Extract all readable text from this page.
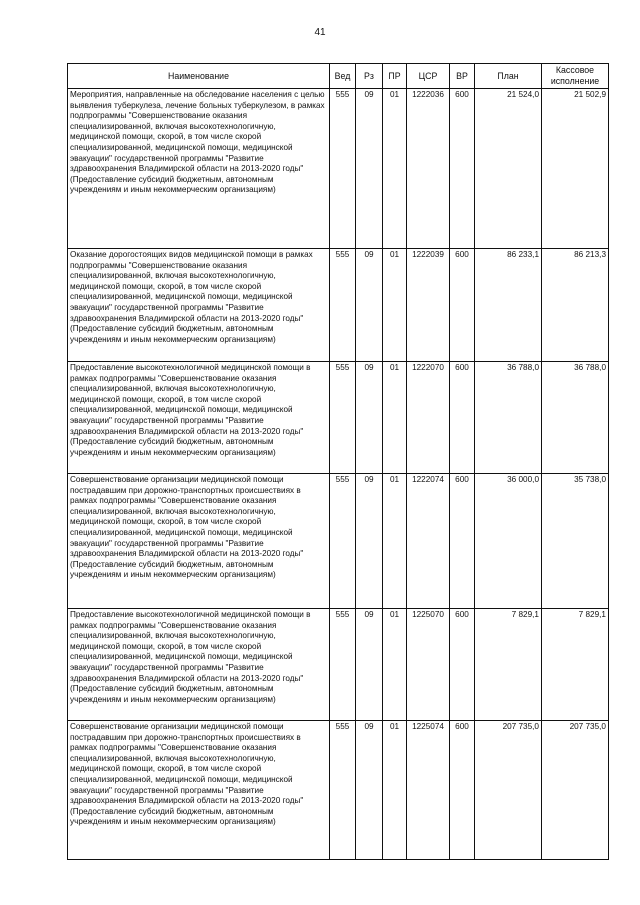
41
Наименование	Вед	Рз	ПР	ЦСР	ВР	План	Кассовое исполнение
Мероприятия, направленные на обследование населения с целью выявления туберкулеза, лечение больных туберкулезом, в рамках подпрограммы "Совершенствование оказания специализированной, включая высокотехнологичную, медицинской помощи, скорой, в том числе скорой специализированной, медицинской помощи, медицинской эвакуации" государственной программы "Развитие здравоохранения Владимирской области на 2013-2020 годы" (Предоставление субсидий бюджетным, автономным учреждениям и иным некоммерческим организациям)	555	09	01	1222036	600	21 524,0	21 502,9
Оказание дорогостоящих видов медицинской помощи в рамках подпрограммы "Совершенствование оказания специализированной, включая высокотехнологичную, медицинской помощи, скорой, в том числе скорой специализированной, медицинской помощи, медицинской эвакуации" государственной программы "Развитие здравоохранения Владимирской области на 2013-2020 годы" (Предоставление субсидий бюджетным, автономным учреждениям и иным некоммерческим организациям)	555	09	01	1222039	600	86 233,1	86 213,3
Предоставление высокотехнологичной медицинской помощи в рамках подпрограммы "Совершенствование оказания специализированной, включая высокотехнологичную, медицинской помощи, скорой, в том числе скорой специализированной, медицинской помощи, медицинской эвакуации" государственной программы "Развитие здравоохранения Владимирской области на 2013-2020 годы" (Предоставление субсидий бюджетным, автономным учреждениям и иным некоммерческим организациям)	555	09	01	1222070	600	36 788,0	36 788,0
Совершенствование организации медицинской помощи пострадавшим при дорожно-транспортных происшествиях в рамках подпрограммы "Совершенствование оказания специализированной, включая высокотехнологичную, медицинской помощи, скорой, в том числе скорой специализированной, медицинской помощи, медицинской эвакуации" государственной программы "Развитие здравоохранения Владимирской области на 2013-2020 годы" (Предоставление субсидий бюджетным, автономным учреждениям и иным некоммерческим организациям)	555	09	01	1222074	600	36 000,0	35 738,0
Предоставление высокотехнологичной медицинской помощи в рамках подпрограммы "Совершенствование оказания специализированной, включая высокотехнологичную, медицинской помощи, скорой, в том числе скорой специализированной, медицинской помощи, медицинской эвакуации" государственной программы "Развитие здравоохранения Владимирской области на 2013-2020 годы" (Предоставление субсидий бюджетным, автономным учреждениям и иным некоммерческим организациям)	555	09	01	1225070	600	7 829,1	7 829,1
Совершенствование организации медицинской помощи пострадавшим при дорожно-транспортных происшествиях в рамках подпрограммы "Совершенствование оказания специализированной, включая высокотехнологичную, медицинской помощи, скорой, в том числе скорой специализированной, медицинской помощи, медицинской эвакуации" государственной программы "Развитие здравоохранения Владимирской области на 2013-2020 годы" (Предоставление субсидий бюджетным, автономным учреждениям и иным некоммерческим организациям)	555	09	01	1225074	600	207 735,0	207 735,0
